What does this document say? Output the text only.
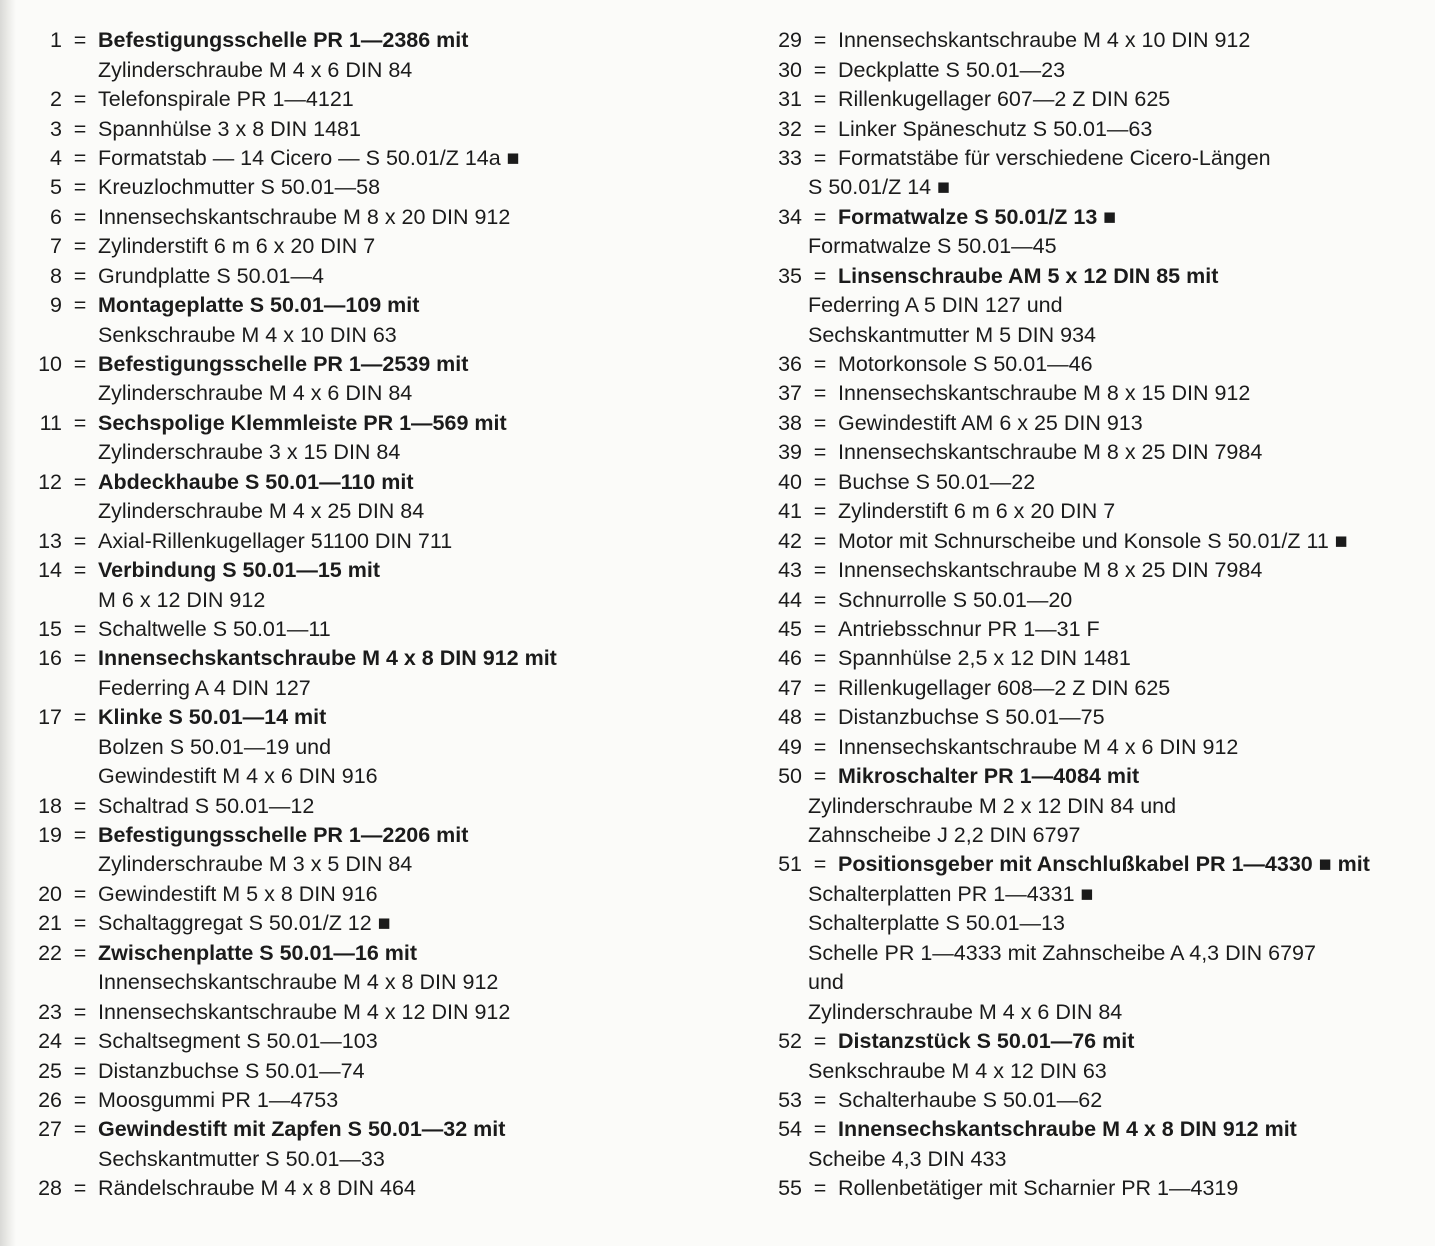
1 = Befestigungsschelle PR 1—2386 mit
Zylinderschraube M 4 x 6 DIN 84
2 = Telefonspirale PR 1—4121
3 = Spannhülse 3 x 8 DIN 1481
4 = Formatstab — 14 Cicero — S 50.01/Z 14a ■
5 = Kreuzlochmutter S 50.01—58
6 = Innensechskantschraube M 8 x 20 DIN 912
7 = Zylinderstift 6 m 6 x 20 DIN 7
8 = Grundplatte S 50.01—4
9 = Montageplatte S 50.01—109 mit
Senkschraube M 4 x 10 DIN 63
10 = Befestigungsschelle PR 1—2539 mit
Zylinderschraube M 4 x 6 DIN 84
11 = Sechspolige Klemmleiste PR 1—569 mit
Zylinderschraube 3 x 15 DIN 84
12 = Abdeckhaube S 50.01—110 mit
Zylinderschraube M 4 x 25 DIN 84
13 = Axial-Rillenkugellager 51100 DIN 711
14 = Verbindung S 50.01—15 mit
M 6 x 12 DIN 912
15 = Schaltwelle S 50.01—11
16 = Innensechskantschraube M 4 x 8 DIN 912 mit
Federring A 4 DIN 127
17 = Klinke S 50.01—14 mit
Bolzen S 50.01—19 und
Gewindestift M 4 x 6 DIN 916
18 = Schaltrad S 50.01—12
19 = Befestigungsschelle PR 1—2206 mit
Zylinderschraube M 3 x 5 DIN 84
20 = Gewindestift M 5 x 8 DIN 916
21 = Schaltaggregat S 50.01/Z 12 ■
22 = Zwischenplatte S 50.01—16 mit
Innensechskantschraube M 4 x 8 DIN 912
23 = Innensechskantschraube M 4 x 12 DIN 912
24 = Schaltsegment S 50.01—103
25 = Distanzbuchse S 50.01—74
26 = Moosgummi PR 1—4753
27 = Gewindestift mit Zapfen S 50.01—32 mit
Sechskantmutter S 50.01—33
28 = Rändelschraube M 4 x 8 DIN 464
29 = Innensechskantschraube M 4 x 10 DIN 912
30 = Deckplatte S 50.01—23
31 = Rillenkugellager 607—2 Z DIN 625
32 = Linker Späneschutz S 50.01—63
33 = Formatstäbe für verschiedene Cicero-Längen
S 50.01/Z 14 ■
34 = Formatwalze S 50.01/Z 13 ■
Formatwalze S 50.01—45
35 = Linsenschraube AM 5 x 12 DIN 85 mit
Federring A 5 DIN 127 und
Sechskantmutter M 5 DIN 934
36 = Motorkonsole S 50.01—46
37 = Innensechskantschraube M 8 x 15 DIN 912
38 = Gewindestift AM 6 x 25 DIN 913
39 = Innensechskantschraube M 8 x 25 DIN 7984
40 = Buchse S 50.01—22
41 = Zylinderstift 6 m 6 x 20 DIN 7
42 = Motor mit Schnurscheibe und Konsole S 50.01/Z 11 ■
43 = Innensechskantschraube M 8 x 25 DIN 7984
44 = Schnurrolle S 50.01—20
45 = Antriebsschnur PR 1—31 F
46 = Spannhülse 2,5 x 12 DIN 1481
47 = Rillenkugellager 608—2 Z DIN 625
48 = Distanzbuchse S 50.01—75
49 = Innensechskantschraube M 4 x 6 DIN 912
50 = Mikroschalter PR 1—4084 mit
Zylinderschraube M 2 x 12 DIN 84 und
Zahnscheibe J 2,2 DIN 6797
51 = Positionsgeber mit Anschlußkabel PR 1—4330 ■ mit
Schalterplatten PR 1—4331 ■
Schalterplatte S 50.01—13
Schelle PR 1—4333 mit Zahnscheibe A 4,3 DIN 6797
und
Zylinderschraube M 4 x 6 DIN 84
52 = Distanzstück S 50.01—76 mit
Senkschraube M 4 x 12 DIN 63
53 = Schalterhaube S 50.01—62
54 = Innensechskantschraube M 4 x 8 DIN 912 mit
Scheibe 4,3 DIN 433
55 = Rollenbetätiger mit Scharnier PR 1—4319
